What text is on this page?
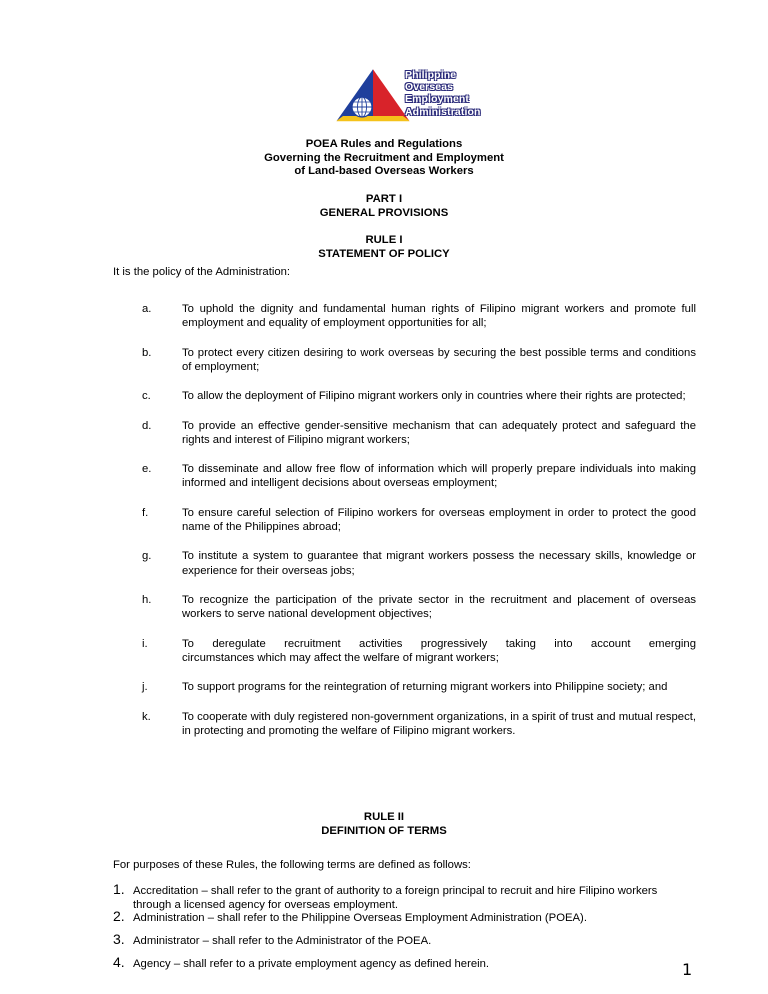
Philippine
Overseas
Employment
Administration
POEA Rules and Regulations
Governing the Recruitment and Employment
of Land-based Overseas Workers
PART I
GENERAL PROVISIONS
RULE I
STATEMENT OF POLICY
It is the policy of the Administration:
a.	To uphold the dignity and fundamental human rights of Filipino migrant workers and promote full employment and equality of employment opportunities for all;
b.	To protect every citizen desiring to work overseas by securing the best possible terms and conditions of employment;
c.	To allow the deployment of Filipino migrant workers only in countries where their rights are protected;
d.	To provide an effective gender-sensitive mechanism that can adequately protect and safeguard the rights and interest of Filipino migrant workers;
e.	To disseminate and allow free flow of information which will properly prepare individuals into making informed and intelligent decisions about overseas employment;
f.	To ensure careful selection of Filipino workers for overseas employment in order to protect the good name of the Philippines abroad;
g.	To institute a system to guarantee that migrant workers possess the necessary skills, knowledge or experience for their overseas jobs;
h.	To recognize the participation of the private sector in the recruitment and placement of overseas workers to serve national development objectives;
i.	To deregulate recruitment activities progressively taking into account emerging
circumstances which may affect the welfare of migrant workers;
j.	To support programs for the reintegration of returning migrant workers into Philippine society; and
k.	To cooperate with duly registered non-government organizations, in a spirit of trust and mutual respect, in protecting and promoting the welfare of Filipino migrant workers.
RULE II
DEFINITION OF TERMS
For purposes of these Rules, the following terms are defined as follows:
1. Accreditation – shall refer to the grant of authority to a foreign principal to recruit and hire Filipino workers through a licensed agency for overseas employment.
2. Administration – shall refer to the Philippine Overseas Employment Administration (POEA).
3. Administrator – shall refer to the Administrator of the POEA.
4. Agency – shall refer to a private employment agency as defined herein.	1
